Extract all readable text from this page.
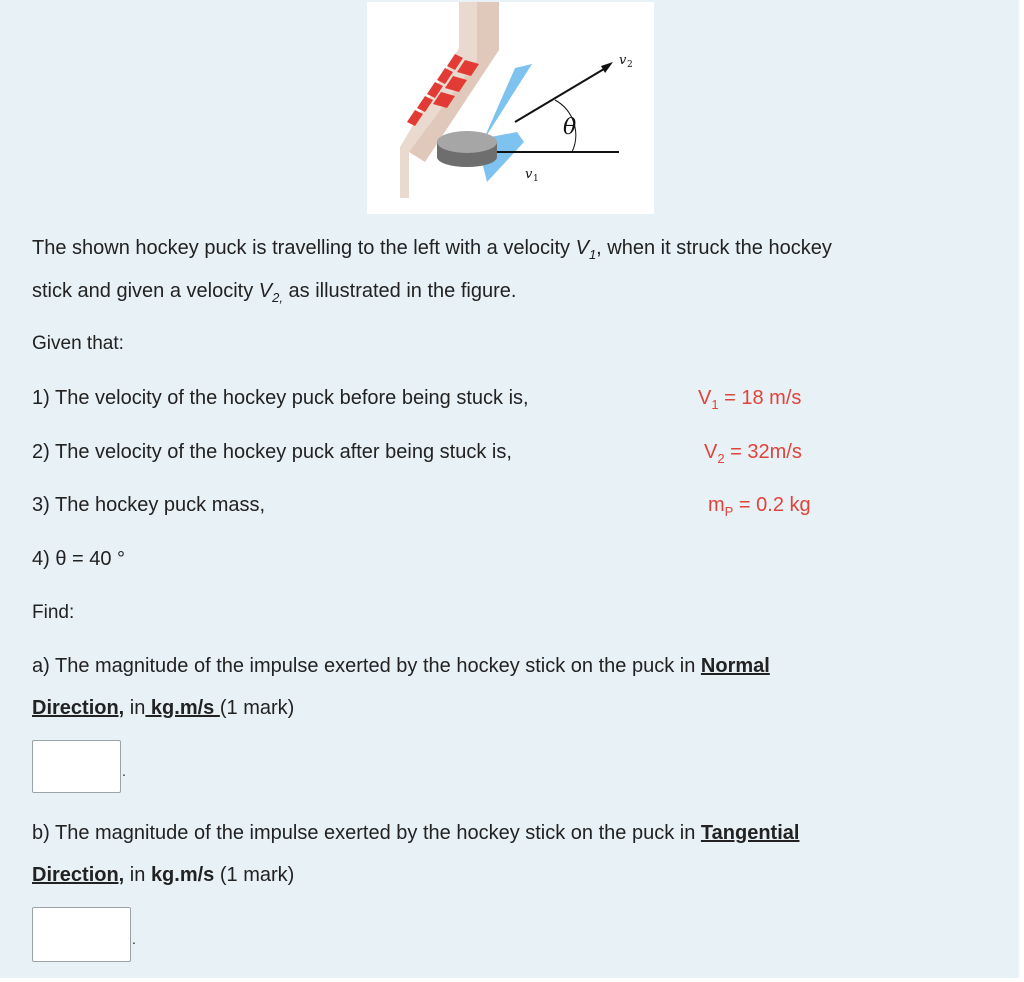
θ
v 1
v 2
The shown hockey puck is travelling to the left with a velocity $V_1$, when it struck the hockey
stick and given a velocity $V_{2,}$ as illustrated in the figure.
Given that:
1) The velocity of the hockey puck before being stuck is,	$V_1 = 18$ m/s
2) The velocity of the hockey puck after being stuck is,	$V_2 = 32m/s$
3) The hockey puck mass,	$m_P = 0.2$ kg
4) θ = 40 °
Find:
a) The magnitude of the impulse exerted by the hockey stick on the puck in Normal
Direction, in kg.m/s (1 mark)
.
b) The magnitude of the impulse exerted by the hockey stick on the puck in Tangential
Direction, in kg.m/s (1 mark)
.
